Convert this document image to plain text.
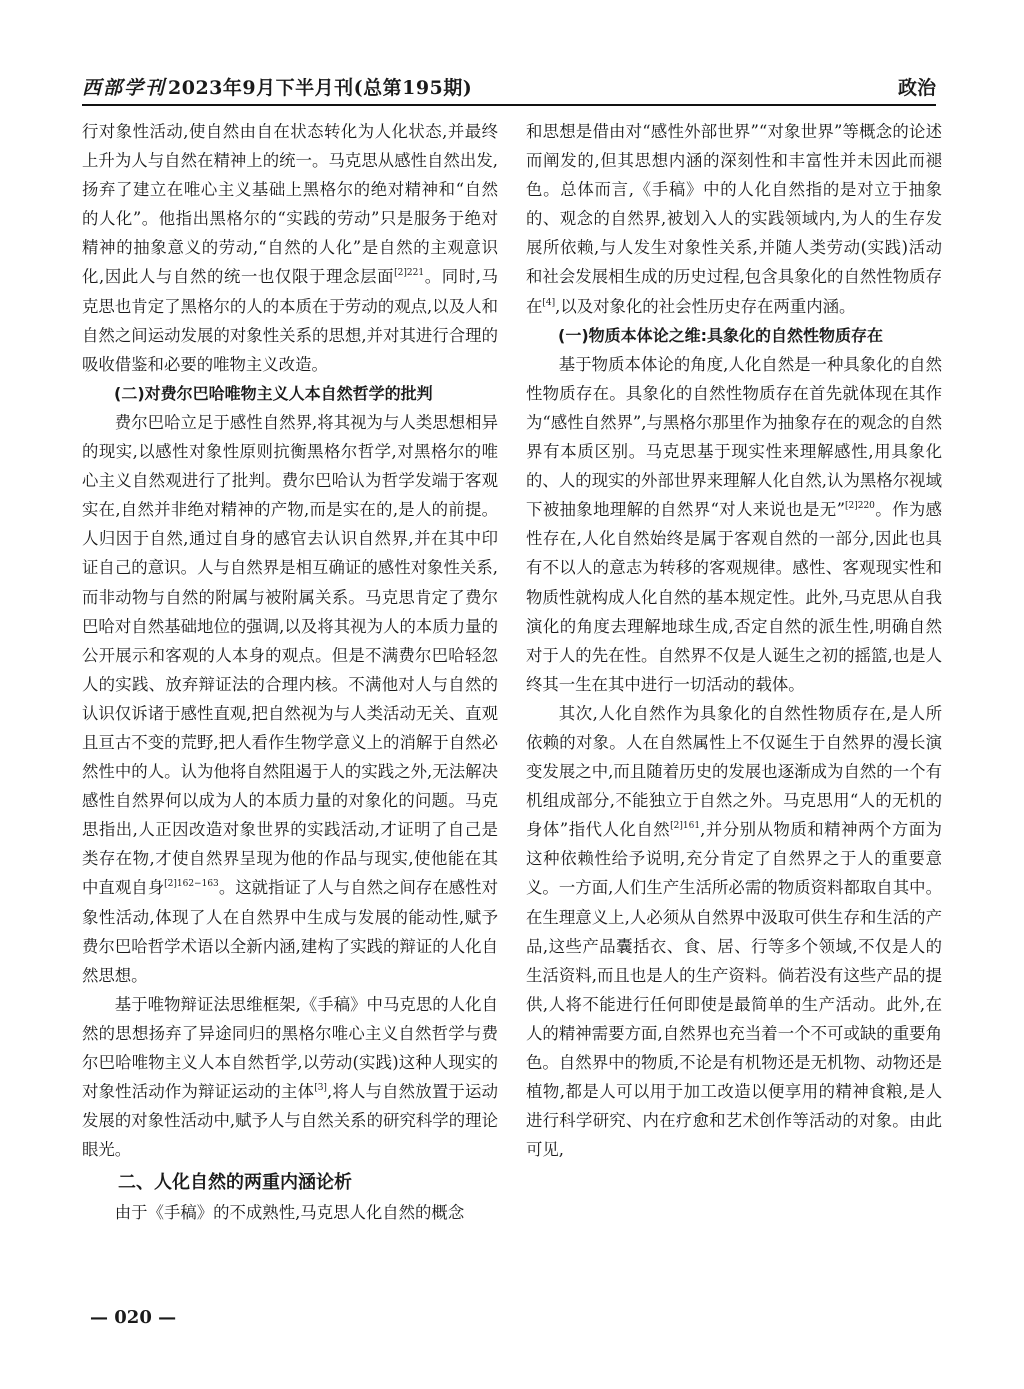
西部学刊 2023年9月下半月刊(总第195期)	政治

行对象性活动,使自然由自在状态转化为人化状态,并最终上升为人与自然在精神上的统一。马克思从感性自然出发,扬弃了建立在唯心主义基础上黑格尔的绝对精神和“自然的人化”。他指出黑格尔的“实践的劳动”只是服务于绝对精神的抽象意义的劳动,“自然的人化”是自然的主观意识化,因此人与自然的统一也仅限于理念层面$^{[2]221}$。同时,马克思也肯定了黑格尔的人的本质在于劳动的观点,以及人和自然之间运动发展的对象性关系的思想,并对其进行合理的吸收借鉴和必要的唯物主义改造。

(二)对费尔巴哈唯物主义人本自然哲学的批判

费尔巴哈立足于感性自然界,将其视为与人类思想相异的现实,以感性对象性原则抗衡黑格尔哲学,对黑格尔的唯心主义自然观进行了批判。费尔巴哈认为哲学发端于客观实在,自然并非绝对精神的产物,而是实在的,是人的前提。人归因于自然,通过自身的感官去认识自然界,并在其中印证自己的意识。人与自然界是相互确证的感性对象性关系,而非动物与自然的附属与被附属关系。马克思肯定了费尔巴哈对自然基础地位的强调,以及将其视为人的本质力量的公开展示和客观的人本身的观点。但是不满费尔巴哈轻忽人的实践、放弃辩证法的合理内核。不满他对人与自然的认识仅诉诸于感性直观,把自然视为与人类活动无关、直观且亘古不变的荒野,把人看作生物学意义上的消解于自然必然性中的人。认为他将自然阻遏于人的实践之外,无法解决感性自然界何以成为人的本质力量的对象化的问题。马克思指出,人正因改造对象世界的实践活动,才证明了自己是类存在物,才使自然界呈现为他的作品与现实,使他能在其中直观自身$^{[2]162-163}$。这就指证了人与自然之间存在感性对象性活动,体现了人在自然界中生成与发展的能动性,赋予费尔巴哈哲学术语以全新内涵,建构了实践的辩证的人化自然思想。

基于唯物辩证法思维框架,《手稿》中马克思的人化自然的思想扬弃了异途同归的黑格尔唯心主义自然哲学与费尔巴哈唯物主义人本自然哲学,以劳动(实践)这种人现实的对象性活动作为辩证运动的主体[3],将人与自然放置于运动发展的对象性活动中,赋予人与自然关系的研究科学的理论眼光。

二、人化自然的两重内涵论析

由于《手稿》的不成熟性,马克思人化自然的概念

和思想是借由对“感性外部世界”“对象世界”等概念的论述而阐发的,但其思想内涵的深刻性和丰富性并未因此而褪色。总体而言,《手稿》中的人化自然指的是对立于抽象的、观念的自然界,被划入人的实践领域内,为人的生存发展所依赖,与人发生对象性关系,并随人类劳动(实践)活动和社会发展相生成的历史过程,包含具象化的自然性物质存在[4],以及对象化的社会性历史存在两重内涵。

(一)物质本体论之维:具象化的自然性物质存在

基于物质本体论的角度,人化自然是一种具象化的自然性物质存在。具象化的自然性物质存在首先就体现在其作为“感性自然界”,与黑格尔那里作为抽象存在的观念的自然界有本质区别。马克思基于现实性来理解感性,用具象化的、人的现实的外部世界来理解人化自然,认为黑格尔视域下被抽象地理解的自然界“对人来说也是无”$^{[2]220}$。作为感性存在,人化自然始终是属于客观自然的一部分,因此也具有不以人的意志为转移的客观规律。感性、客观现实性和物质性就构成人化自然的基本规定性。此外,马克思从自我演化的角度去理解地球生成,否定自然的派生性,明确自然对于人的先在性。自然界不仅是人诞生之初的摇篮,也是人终其一生在其中进行一切活动的载体。

其次,人化自然作为具象化的自然性物质存在,是人所依赖的对象。人在自然属性上不仅诞生于自然界的漫长演变发展之中,而且随着历史的发展也逐渐成为自然的一个有机组成部分,不能独立于自然之外。马克思用“人的无机的身体”指代人化自然$^{[2]161}$,并分别从物质和精神两个方面为这种依赖性给予说明,充分肯定了自然界之于人的重要意义。一方面,人们生产生活所必需的物质资料都取自其中。在生理意义上,人必须从自然界中汲取可供生存和生活的产品,这些产品囊括衣、食、居、行等多个领域,不仅是人的生活资料,而且也是人的生产资料。倘若没有这些产品的提供,人将不能进行任何即使是最简单的生产活动。此外,在人的精神需要方面,自然界也充当着一个不可或缺的重要角色。自然界中的物质,不论是有机物还是无机物、动物还是植物,都是人可以用于加工改造以便享用的精神食粮,是人进行科学研究、内在疗愈和艺术创作等活动的对象。由此可见,

— 020 —
